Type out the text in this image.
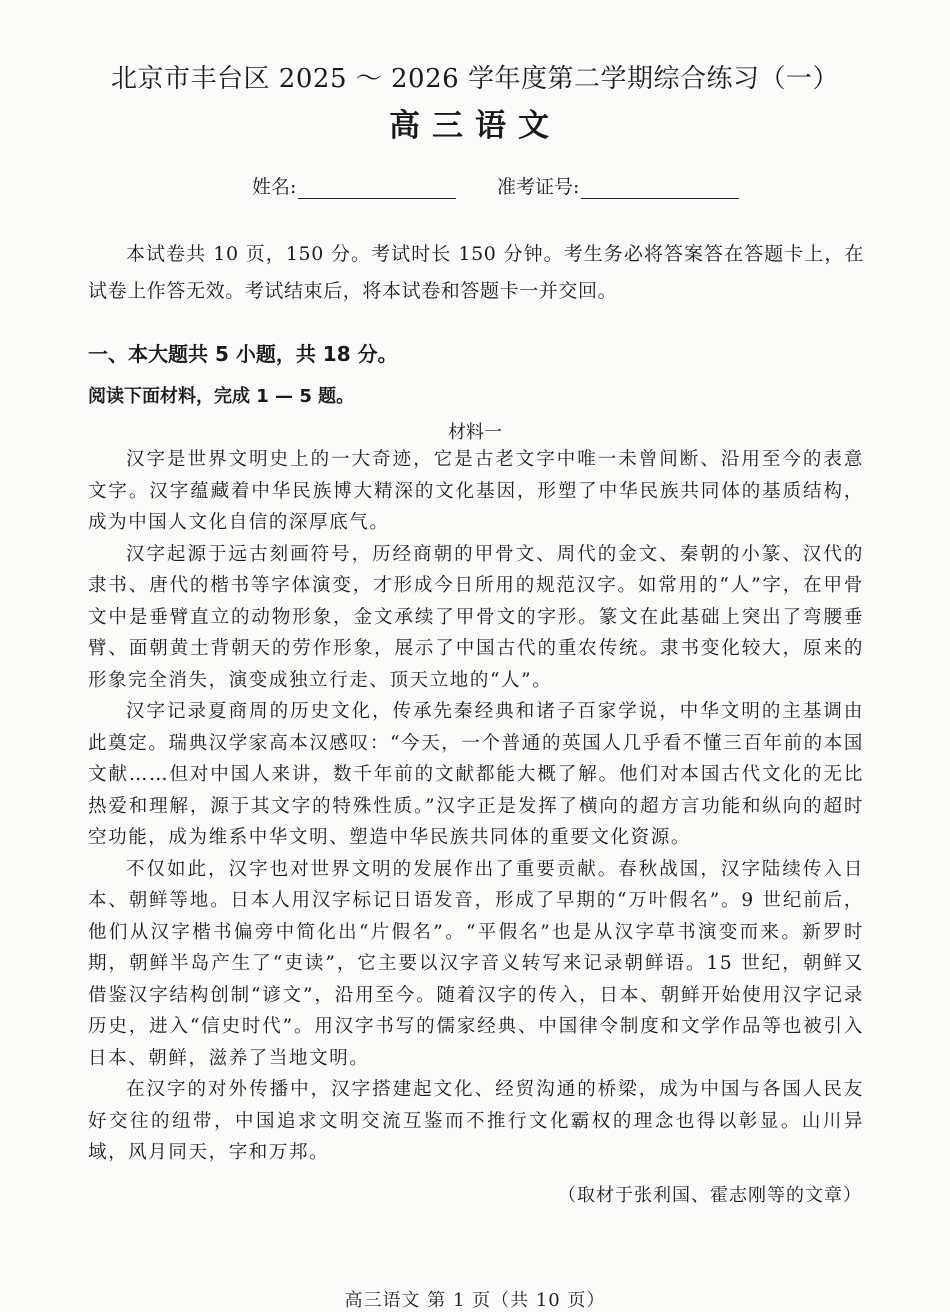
北京市丰台区 2025 ～ 2026 学年度第二学期综合练习（一）
高三语文
姓名:	准考证号:
本试卷共 10 页，150 分。考试时长 150 分钟。考生务必将答案答在答题卡上，在试卷上作答无效。考试结束后，将本试卷和答题卡一并交回。
一、本大题共 5 小题，共 18 分。
阅读下面材料，完成 1 — 5 题。
材料一

汉字是世界文明史上的一大奇迹，它是古老文字中唯一未曾间断、沿用至今的表意文字。汉字蕴藏着中华民族博大精深的文化基因，形塑了中华民族共同体的基质结构，成为中国人文化自信的深厚底气。

汉字起源于远古刻画符号，历经商朝的甲骨文、周代的金文、秦朝的小篆、汉代的隶书、唐代的楷书等字体演变，才形成今日所用的规范汉字。如常用的“人”字，在甲骨文中是垂臂直立的动物形象，金文承续了甲骨文的字形。篆文在此基础上突出了弯腰垂臂、面朝黄土背朝天的劳作形象，展示了中国古代的重农传统。隶书变化较大，原来的形象完全消失，演变成独立行走、顶天立地的“人”。

汉字记录夏商周的历史文化，传承先秦经典和诸子百家学说，中华文明的主基调由此奠定。瑞典汉学家高本汉感叹：“今天，一个普通的英国人几乎看不懂三百年前的本国文献……但对中国人来讲，数千年前的文献都能大概了解。他们对本国古代文化的无比热爱和理解，源于其文字的特殊性质。”汉字正是发挥了横向的超方言功能和纵向的超时空功能，成为维系中华文明、塑造中华民族共同体的重要文化资源。

不仅如此，汉字也对世界文明的发展作出了重要贡献。春秋战国，汉字陆续传入日本、朝鲜等地。日本人用汉字标记日语发音，形成了早期的“万叶假名”。9 世纪前后，他们从汉字楷书偏旁中简化出“片假名”。“平假名”也是从汉字草书演变而来。新罗时期，朝鲜半岛产生了“吏读”，它主要以汉字音义转写来记录朝鲜语。15 世纪，朝鲜又借鉴汉字结构创制“谚文”，沿用至今。随着汉字的传入，日本、朝鲜开始使用汉字记录历史，进入“信史时代”。用汉字书写的儒家经典、中国律令制度和文学作品等也被引入日本、朝鲜，滋养了当地文明。

在汉字的对外传播中，汉字搭建起文化、经贸沟通的桥梁，成为中国与各国人民友好交往的纽带，中国追求文明交流互鉴而不推行文化霸权的理念也得以彰显。山川异域，风月同天，字和万邦。

（取材于张利国、霍志刚等的文章）
高三语文 第 1 页（共 10 页）
